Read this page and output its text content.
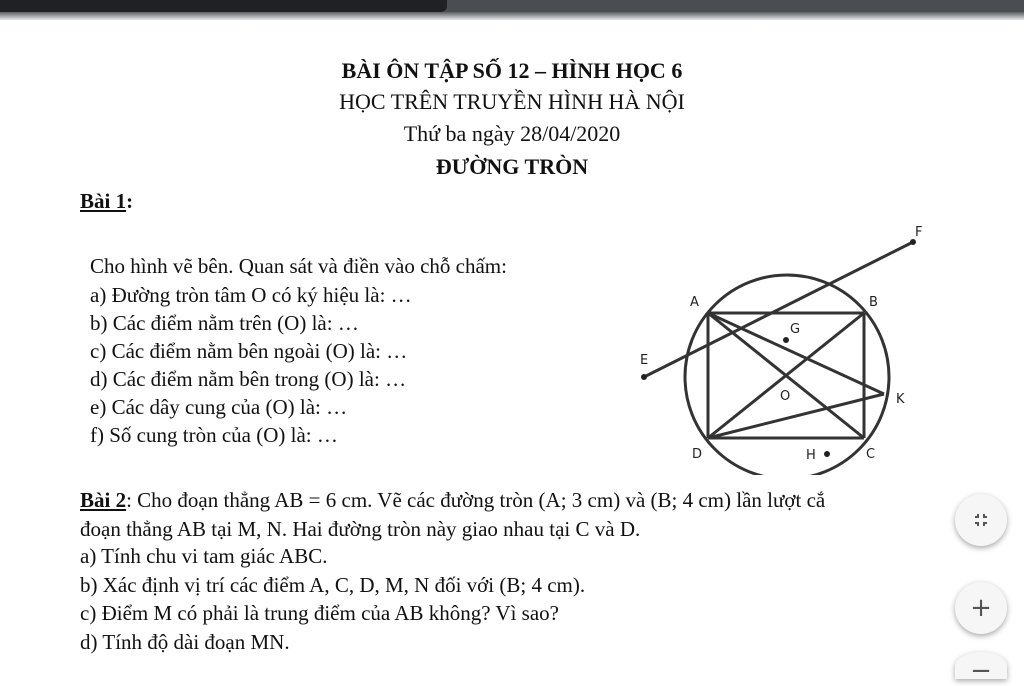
BÀI ÔN TẬP SỐ 12 – HÌNH HỌC 6
HỌC TRÊN TRUYỀN HÌNH HÀ NỘI
Thứ ba ngày 28/04/2020
ĐƯỜNG TRÒN
Bài 1:
Cho hình vẽ bên. Quan sát và điền vào chỗ chấm:
a) Đường tròn tâm O có ký hiệu là: …
b) Các điểm nằm trên (O) là: …
c) Các điểm nằm bên ngoài (O) là: …
d) Các điểm nằm bên trong (O) là: …
e) Các dây cung của (O) là: …
f) Số cung tròn của (O) là: …
A	B
C
D
E
F
G
H
K
O
Bài 2: Cho đoạn thẳng AB = 6 cm. Vẽ các đường tròn (A; 3 cm) và (B; 4 cm) lần lượt cắ
đoạn thẳng AB tại M, N. Hai đường tròn này giao nhau tại C và D.
a) Tính chu vi tam giác ABC.
b) Xác định vị trí các điểm A, C, D, M, N đối với (B; 4 cm).
c) Điểm M có phải là trung điểm của AB không? Vì sao?
d) Tính độ dài đoạn MN.
+
−
